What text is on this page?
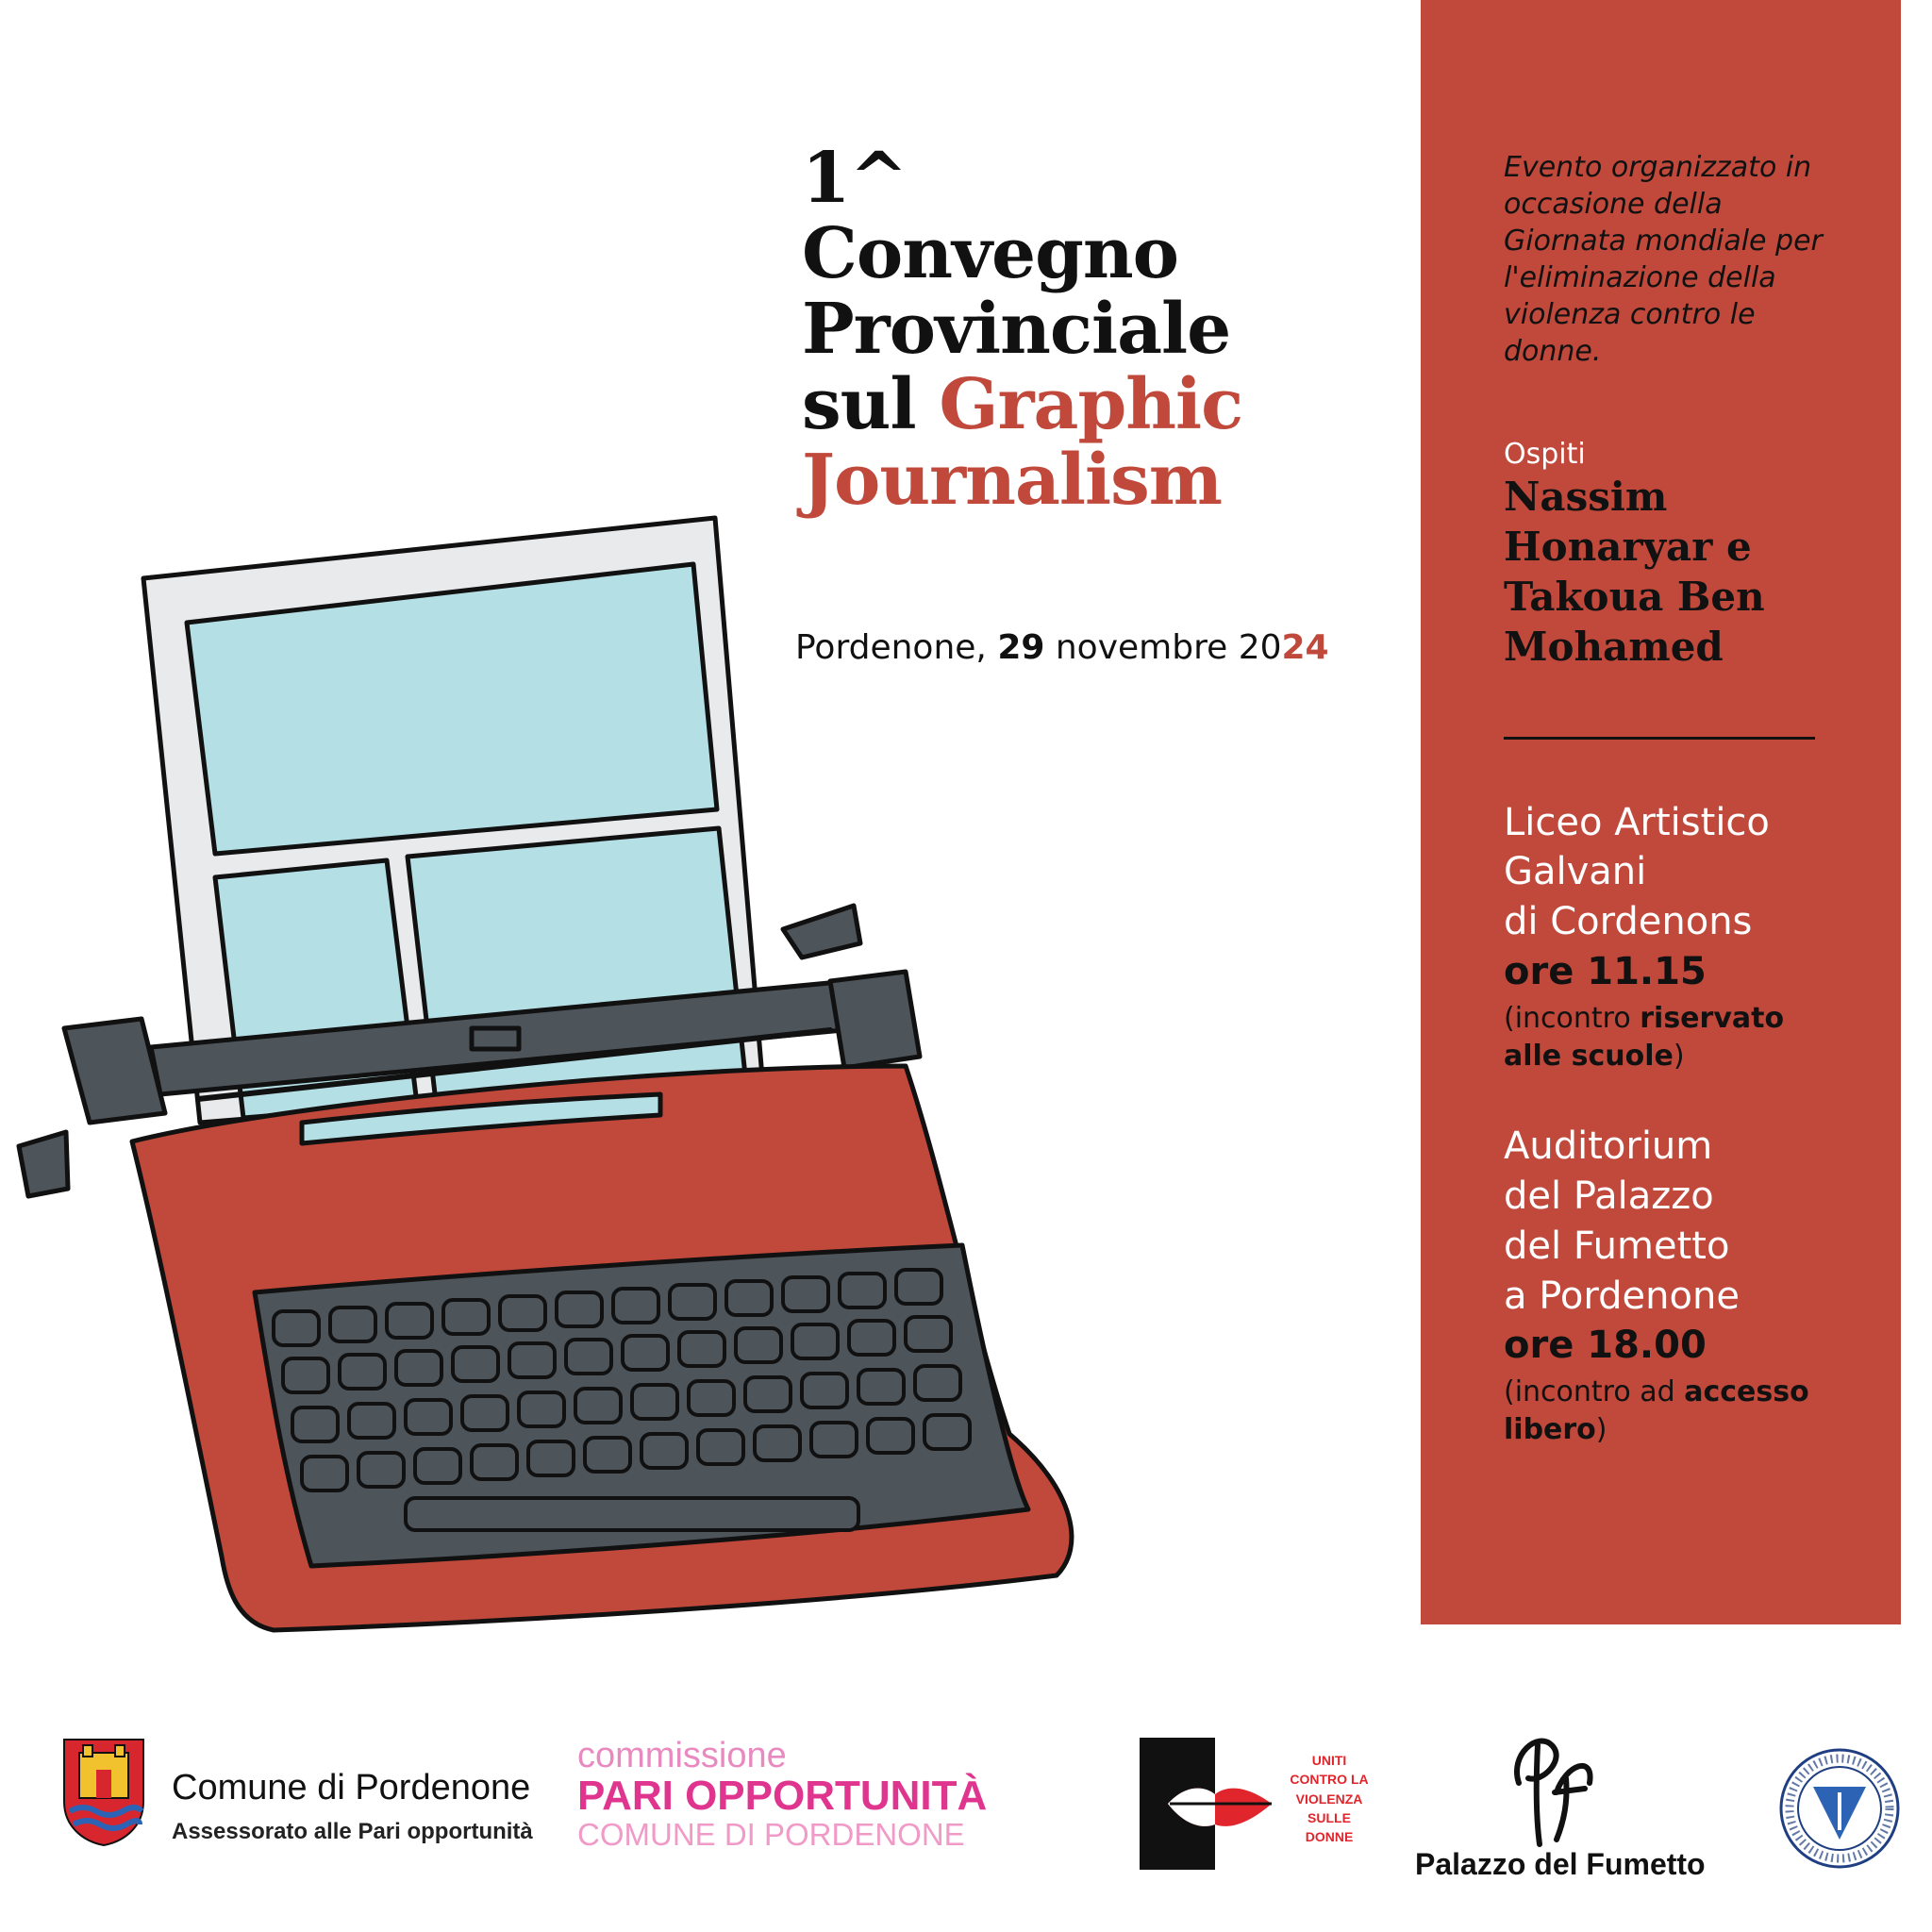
1^
Convegno
Provinciale
sul Graphic
Journalism
Pordenone, 29 novembre 2024
Evento organizzato in occasione della Giornata mondiale per l'eliminazione della violenza contro le donne.
Ospiti
Nassim Honaryar e Takoua Ben Mohamed
Liceo Artistico
Galvani
di Cordenons
ore 11.15
(incontro riservato alle scuole)
Auditorium
del Palazzo
del Fumetto
a Pordenone
ore 18.00
(incontro ad accesso libero)
Comune di Pordenone
Assessorato alle Pari opportunità
commissione
PARI OPPORTUNITÀ
COMUNE DI PORDENONE
UNITI CONTRO LA VIOLENZA SULLE DONNE
Palazzo del Fumetto
